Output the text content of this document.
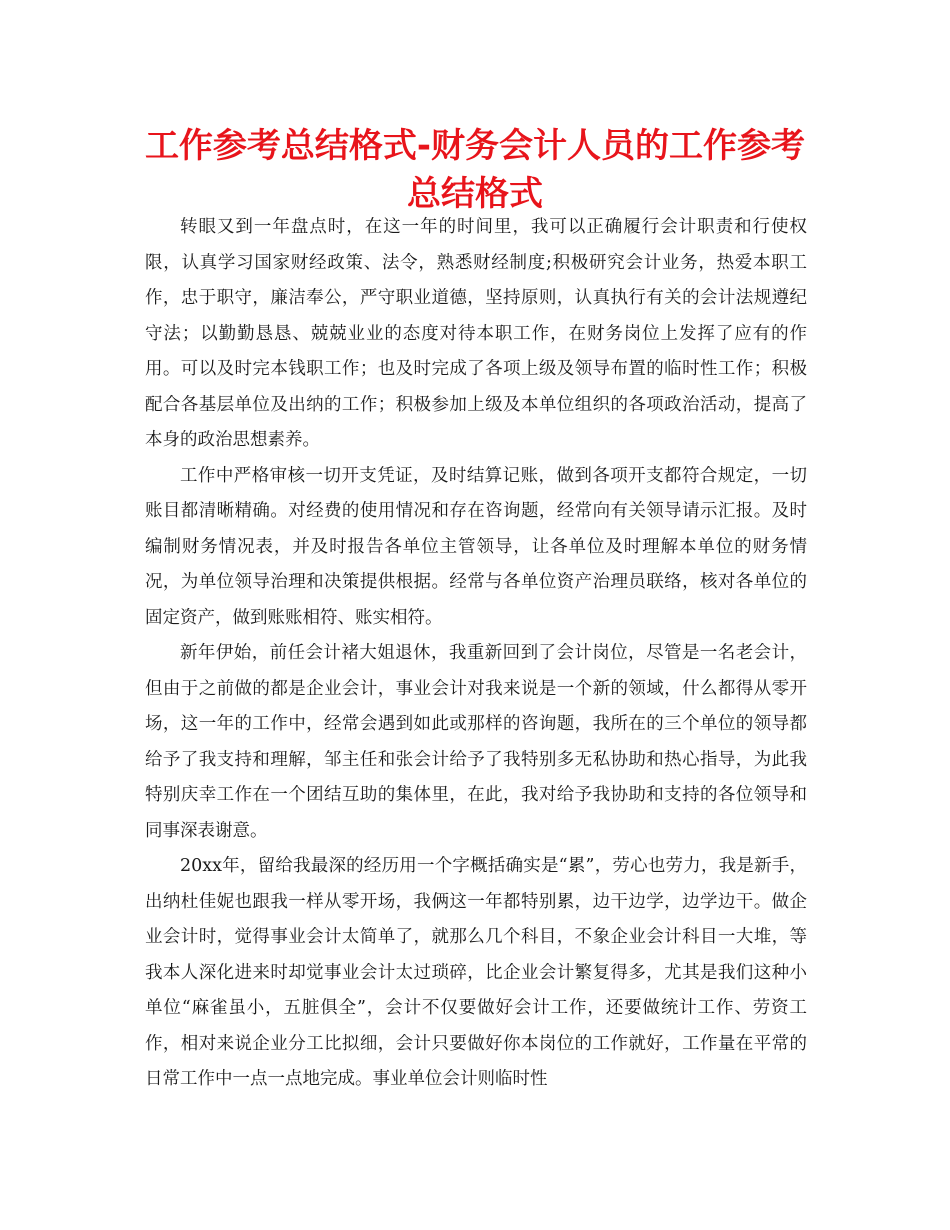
工作参考总结格式-财务会计人员的工作参考总结格式

转眼又到一年盘点时，在这一年的时间里，我可以正确履行会计职责和行使权限，认真学习国家财经政策、法令，熟悉财经制度;积极研究会计业务，热爱本职工作，忠于职守，廉洁奉公，严守职业道德，坚持原则，认真执行有关的会计法规遵纪守法；以勤勤恳恳、兢兢业业的态度对待本职工作，在财务岗位上发挥了应有的作用。可以及时完本钱职工作；也及时完成了各项上级及领导布置的临时性工作；积极配合各基层单位及出纳的工作；积极参加上级及本单位组织的各项政治活动，提高了本身的政治思想素养。

工作中严格审核一切开支凭证，及时结算记账，做到各项开支都符合规定，一切账目都清晰精确。对经费的使用情况和存在咨询题，经常向有关领导请示汇报。及时编制财务情况表，并及时报告各单位主管领导，让各单位及时理解本单位的财务情况，为单位领导治理和决策提供根据。经常与各单位资产治理员联络，核对各单位的固定资产，做到账账相符、账实相符。

新年伊始，前任会计褚大姐退休，我重新回到了会计岗位，尽管是一名老会计，但由于之前做的都是企业会计，事业会计对我来说是一个新的领域，什么都得从零开场，这一年的工作中，经常会遇到如此或那样的咨询题，我所在的三个单位的领导都给予了我支持和理解，邹主任和张会计给予了我特别多无私协助和热心指导，为此我特别庆幸工作在一个团结互助的集体里，在此，我对给予我协助和支持的各位领导和同事深表谢意。

20xx年，留给我最深的经历用一个字概括确实是“累”，劳心也劳力，我是新手，出纳杜佳妮也跟我一样从零开场，我俩这一年都特别累，边干边学，边学边干。做企业会计时，觉得事业会计太简单了，就那么几个科目，不象企业会计科目一大堆，等我本人深化进来时却觉事业会计太过琐碎，比企业会计繁复得多，尤其是我们这种小单位“麻雀虽小，五脏俱全”，会计不仅要做好会计工作，还要做统计工作、劳资工作，相对来说企业分工比拟细，会计只要做好你本岗位的工作就好，工作量在平常的日常工作中一点一点地完成。事业单位会计则临时性
